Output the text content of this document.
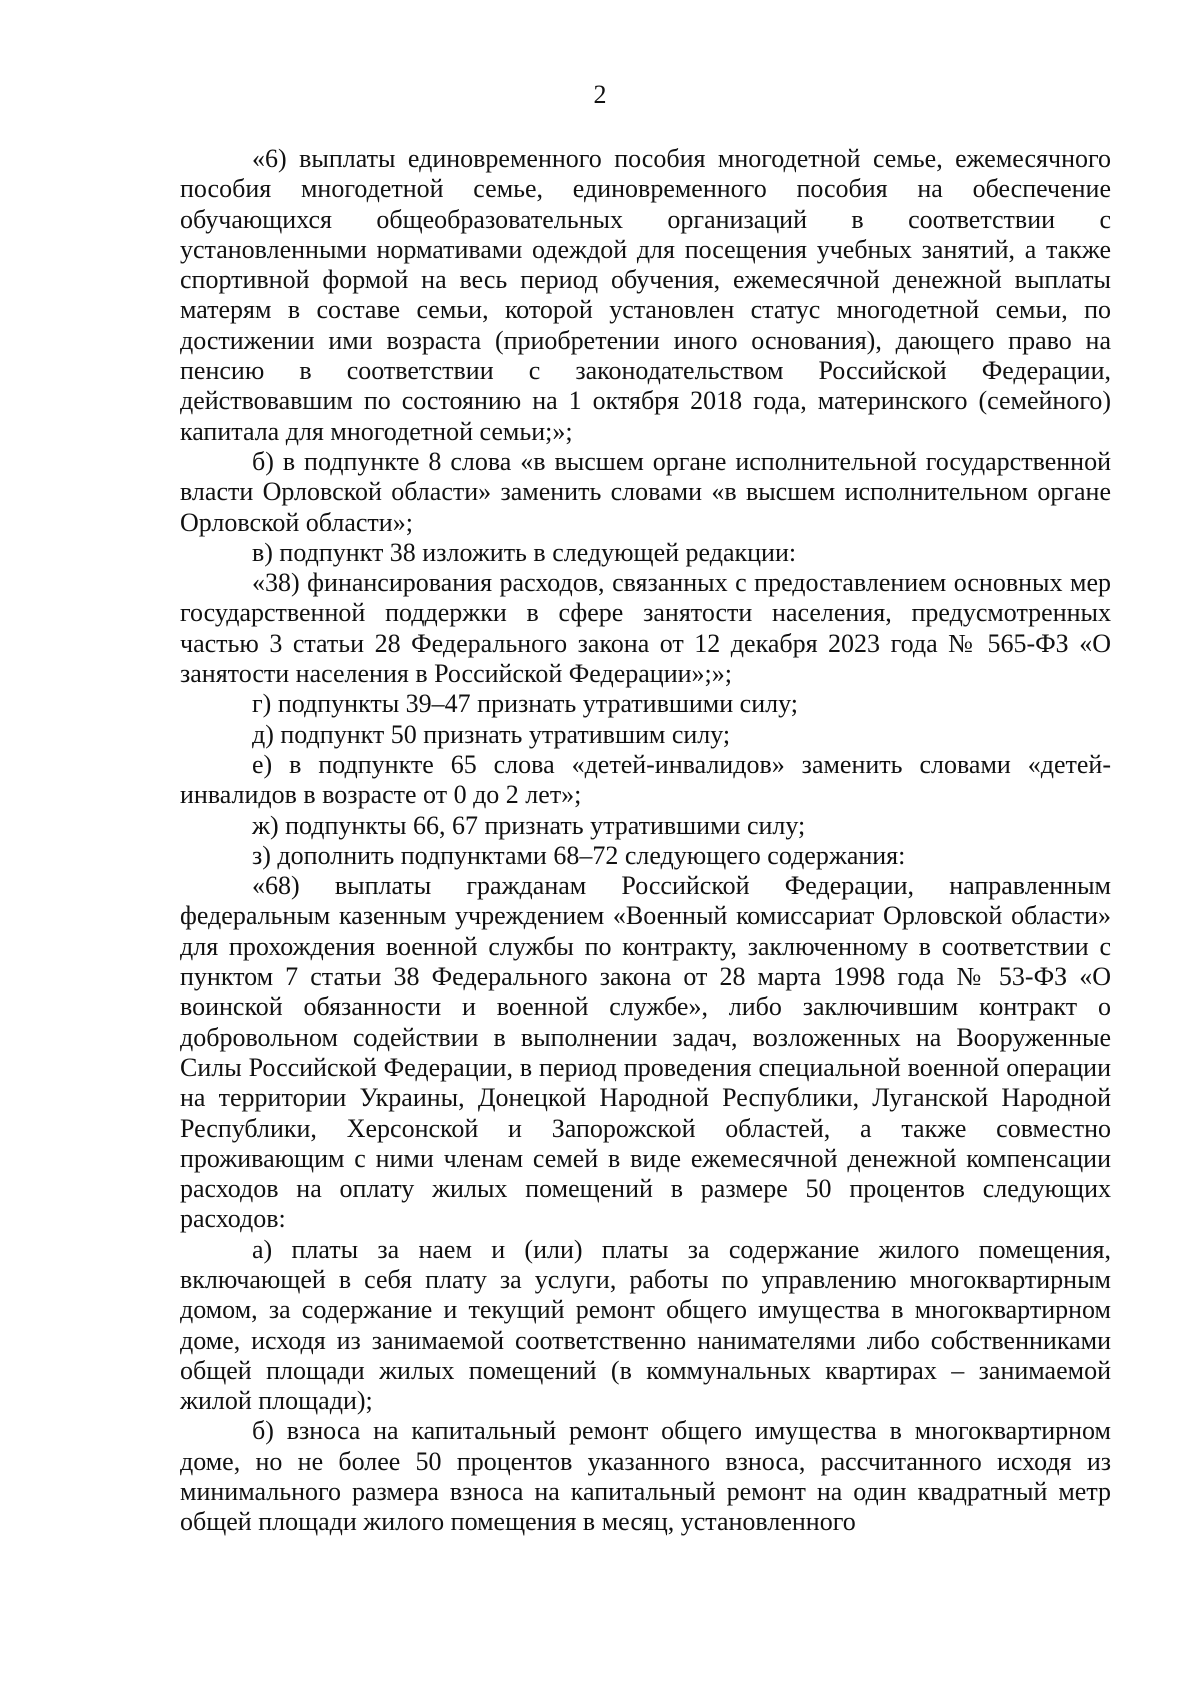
2

«6) выплаты единовременного пособия многодетной семье, ежемесячного пособия многодетной семье, единовременного пособия на обеспечение обучающихся общеобразовательных организаций в соответствии с установленными нормативами одеждой для посещения учебных занятий, а также спортивной формой на весь период обучения, ежемесячной денежной выплаты матерям в составе семьи, которой установлен статус многодетной семьи, по достижении ими возраста (приобретении иного основания), дающего право на пенсию в соответствии с законодательством Российской Федерации, действовавшим по состоянию на 1 октября 2018 года, материнского (семейного) капитала для многодетной семьи;»;

б) в подпункте 8 слова «в высшем органе исполнительной государственной власти Орловской области» заменить словами «в высшем исполнительном органе Орловской области»;

в) подпункт 38 изложить в следующей редакции:

«38) финансирования расходов, связанных с предоставлением основных мер государственной поддержки в сфере занятости населения, предусмотренных частью 3 статьи 28 Федерального закона от 12 декабря 2023 года № 565-ФЗ «О занятости населения в Российской Федерации»;»;

г) подпункты 39–47 признать утратившими силу;

д) подпункт 50 признать утратившим силу;

е) в подпункте 65 слова «детей-инвалидов» заменить словами «детей-инвалидов в возрасте от 0 до 2 лет»;

ж) подпункты 66, 67 признать утратившими силу;

з) дополнить подпунктами 68–72 следующего содержания:

«68) выплаты гражданам Российской Федерации, направленным федеральным казенным учреждением «Военный комиссариат Орловской области» для прохождения военной службы по контракту, заключенному в соответствии с пунктом 7 статьи 38 Федерального закона от 28 марта 1998 года № 53-ФЗ «О воинской обязанности и военной службе», либо заключившим контракт о добровольном содействии в выполнении задач, возложенных на Вооруженные Силы Российской Федерации, в период проведения специальной военной операции на территории Украины, Донецкой Народной Республики, Луганской Народной Республики, Херсонской и Запорожской областей, а также совместно проживающим с ними членам семей в виде ежемесячной денежной компенсации расходов на оплату жилых помещений в размере 50 процентов следующих расходов:

а) платы за наем и (или) платы за содержание жилого помещения, включающей в себя плату за услуги, работы по управлению многоквартирным домом, за содержание и текущий ремонт общего имущества в многоквартирном доме, исходя из занимаемой соответственно нанимателями либо собственниками общей площади жилых помещений (в коммунальных квартирах – занимаемой жилой площади);

б) взноса на капитальный ремонт общего имущества в многоквартирном доме, но не более 50 процентов указанного взноса, рассчитанного исходя из минимального размера взноса на капитальный ремонт на один квадратный метр общей площади жилого помещения в месяц, установленного
